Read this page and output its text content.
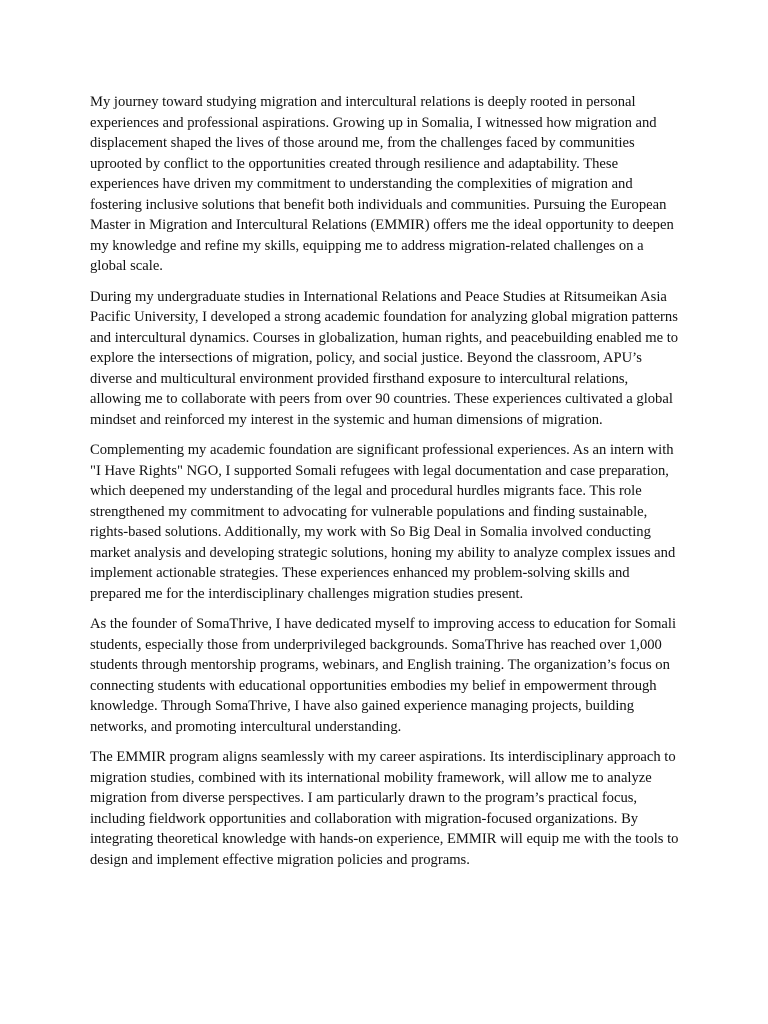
My journey toward studying migration and intercultural relations is deeply rooted in personal experiences and professional aspirations. Growing up in Somalia, I witnessed how migration and displacement shaped the lives of those around me, from the challenges faced by communities uprooted by conflict to the opportunities created through resilience and adaptability. These experiences have driven my commitment to understanding the complexities of migration and fostering inclusive solutions that benefit both individuals and communities. Pursuing the European Master in Migration and Intercultural Relations (EMMIR) offers me the ideal opportunity to deepen my knowledge and refine my skills, equipping me to address migration-related challenges on a global scale.

During my undergraduate studies in International Relations and Peace Studies at Ritsumeikan Asia Pacific University, I developed a strong academic foundation for analyzing global migration patterns and intercultural dynamics. Courses in globalization, human rights, and peacebuilding enabled me to explore the intersections of migration, policy, and social justice. Beyond the classroom, APU’s diverse and multicultural environment provided firsthand exposure to intercultural relations, allowing me to collaborate with peers from over 90 countries. These experiences cultivated a global mindset and reinforced my interest in the systemic and human dimensions of migration.

Complementing my academic foundation are significant professional experiences. As an intern with "I Have Rights" NGO, I supported Somali refugees with legal documentation and case preparation, which deepened my understanding of the legal and procedural hurdles migrants face. This role strengthened my commitment to advocating for vulnerable populations and finding sustainable, rights-based solutions. Additionally, my work with So Big Deal in Somalia involved conducting market analysis and developing strategic solutions, honing my ability to analyze complex issues and implement actionable strategies. These experiences enhanced my problem-solving skills and prepared me for the interdisciplinary challenges migration studies present.

As the founder of SomaThrive, I have dedicated myself to improving access to education for Somali students, especially those from underprivileged backgrounds. SomaThrive has reached over 1,000 students through mentorship programs, webinars, and English training. The organization’s focus on connecting students with educational opportunities embodies my belief in empowerment through knowledge. Through SomaThrive, I have also gained experience managing projects, building networks, and promoting intercultural understanding.

The EMMIR program aligns seamlessly with my career aspirations. Its interdisciplinary approach to migration studies, combined with its international mobility framework, will allow me to analyze migration from diverse perspectives. I am particularly drawn to the program’s practical focus, including fieldwork opportunities and collaboration with migration-focused organizations. By integrating theoretical knowledge with hands-on experience, EMMIR will equip me with the tools to design and implement effective migration policies and programs.
